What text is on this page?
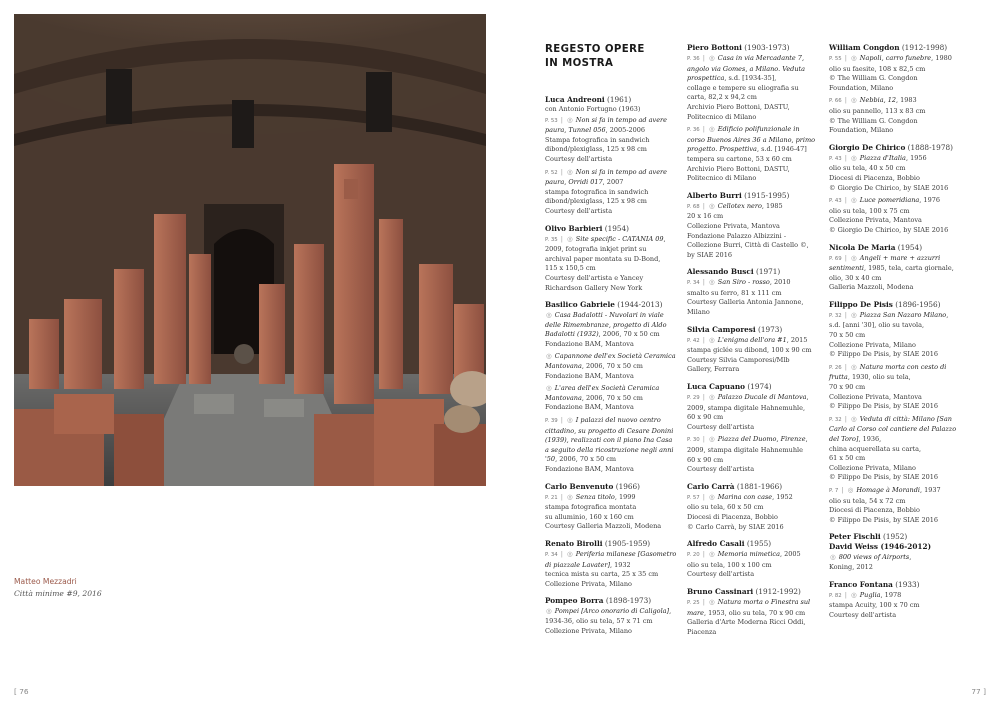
Matteo Mezzadri
Città minime #9, 2016
[ 76	77 ]
REGESTO OPERE
IN MOSTRA
Luca Andreoni (1961)
con Antonio Fortugno (1963)
P. 53 | ◎ Non si fa in tempo ad avere paura, Tunnel 056, 2005-2006
Stampa fotografica in sandwich
dibond/plexiglass, 125 x 98 cm
Courtesy dell'artista
P. 52 | ◎ Non si fa in tempo ad avere paura, Orridi 017, 2007
stampa fotografica in sandwich
dibond/plexiglass, 125 x 98 cm
Courtesy dell'artista
Olivo Barbieri (1954)
P. 35 | ◎ Site specific - CATANIA 09, 2009, fotografia inkjet print su
archival paper montata su D-Bond,
115 x 150,5 cm
Courtesy dell'artista e Yancey
Richardson Gallery New York
Basilico Gabriele (1944-2013)
◎ Casa Badalotti - Nuvolari in viale delle Rimembranze, progetto di Aldo Badalotti (1932), 2006, 70 x 50 cm
Fondazione BAM, Mantova
◎ Capannone dell'ex Società Ceramica Mantovana, 2006, 70 x 50 cm
Fondazione BAM, Mantova
◎ L'area dell'ex Società Ceramica Mantovana, 2006, 70 x 50 cm
Fondazione BAM, Mantova
P. 39 | ◎ I palazzi del nuovo centro cittadino, su progetto di Cesare Donini (1939), realizzati con il piano Ina Casa a seguito della ricostruzione negli anni '50, 2006, 70 x 50 cm
Fondazione BAM, Mantova
Carlo Benvenuto (1966)
P. 21 | ◎ Senza titolo, 1999
stampa fotografica montata
su alluminio, 160 x 160 cm
Courtesy Galleria Mazzoli, Modena
Renato Birolli (1905-1959)
P. 34 | ◎ Periferia milanese [Gasometro di piazzale Lavater], 1932
tecnica mista su carta, 25 x 35 cm
Collezione Privata, Milano
Pompeo Borra (1898-1973)
◎ Pompei [Arco onorario di Caligola],
1934-36, olio su tela, 57 x 71 cm
Collezione Privata, Milano
Piero Bottoni (1903-1973)
P. 36 | ◎ Casa in via Mercadante 7, angolo via Gomes, a Milano. Veduta prospettica, s.d. [1934-35],
collage e tempere su eliografia su
carta, 82,2 x 94,2 cm
Archivio Piero Bottoni, DASTU,
Politecnico di Milano
P. 36 | ◎ Edificio polifunzionale in corso Buenos Aires 36 a Milano, primo progetto. Prospettiva, s.d. [1946-47]
tempera su cartone, 53 x 60 cm
Archivio Piero Bottoni, DASTU,
Politecnico di Milano
Alberto Burri (1915-1995)
P. 68 | ◎ Cellotex nero, 1985
20 x 16 cm
Collezione Privata, Mantova
Fondazione Palazzo Albizzini -
Collezione Burri, Città di Castello ©,
by SIAE 2016
Alessando Busci (1971)
P. 34 | ◎ San Siro - rosso, 2010
smalto su ferro, 81 x 111 cm
Courtesy Galleria Antonia Jannone,
Milano
Silvia Camporesi (1973)
P. 42 | ◎ L'enigma dell'ora #1, 2015
stampa giclée su dibond, 100 x 90 cm
Courtesy Silvia Camporesi/Mlb
Gallery, Ferrara
Luca Capuano (1974)
P. 29 | ◎ Palazzo Ducale di Mantova,
2009, stampa digitale Hahnemuhle,
60 x 90 cm
Courtesy dell'artista
P. 30 | ◎ Piazza del Duomo, Firenze,
2009, stampa digitale Hahnemuhle
60 x 90 cm
Courtesy dell'artista
Carlo Carrà (1881-1966)
P. 57 | ◎ Marina con case, 1952
olio su tela, 60 x 50 cm
Diocesi di Piacenza, Bobbio
© Carlo Carrà, by SIAE 2016
Alfredo Casali (1955)
P. 20 | ◎ Memoria mimetica, 2005
olio su tela, 100 x 100 cm
Courtesy dell'artista
Bruno Cassinari (1912-1992)
P. 25 | ◎ Natura morta o Finestra sul mare, 1953, olio su tela, 70 x 90 cm
Galleria d'Arte Moderna Ricci Oddi,
Piacenza
William Congdon (1912-1998)
P. 55 | ◎ Napoli, carro funebre, 1980
olio su faesite, 108 x 82,5 cm
© The William G. Congdon
Foundation, Milano
P. 66 | ◎ Nebbia, 12, 1983
olio su pannello, 113 x 83 cm
© The William G. Congdon
Foundation, Milano
Giorgio De Chirico (1888-1978)
P. 43 | ◎ Piazza d'Italia, 1956
olio su tela, 40 x 50 cm
Diocesi di Piacenza, Bobbio
© Giorgio De Chirico, by SIAE 2016
P. 43 | ◎ Luce pomeridiana, 1976
olio su tela, 100 x 75 cm
Collezione Privata, Mantova
© Giorgio De Chirico, by SIAE 2016
Nicola De Maria (1954)
P. 69 | ◎ Angeli + mare + azzurri sentimenti, 1985, tela, carta giornale,
olio, 30 x 40 cm
Galleria Mazzoli, Modena
Filippo De Pisis (1896-1956)
P. 32 | ◎ Piazza San Nazaro Milano,
s.d. [anni '30], olio su tavola,
70 x 50 cm
Collezione Privata, Milano
© Filippo De Pisis, by SIAE 2016
P. 26 | ◎ Natura morta con cesto di frutta, 1930, olio su tela,
70 x 90 cm
Collezione Privata, Mantova
© Filippo De Pisis, by SIAE 2016
P. 32 | ◎ Veduta di città: Milano [San Carlo al Corso col cantiere del Palazzo del Toro], 1936,
china acquerellata su carta,
61 x 50 cm
Collezione Privata, Milano
© Filippo De Pisis, by SIAE 2016
P. 7 | ◎ Homage à Morandi, 1937
olio su tela, 54 x 72 cm
Diocesi di Piacenza, Bobbio
© Filippo De Pisis, by SIAE 2016
Peter Fischli (1952)
David Weiss (1946-2012)
◎ 800 views of Airports,
Koning, 2012
Franco Fontana (1933)
P. 82 | ◎ Puglia, 1978
stampa Acuity, 100 x 70 cm
Courtesy dell'artista
